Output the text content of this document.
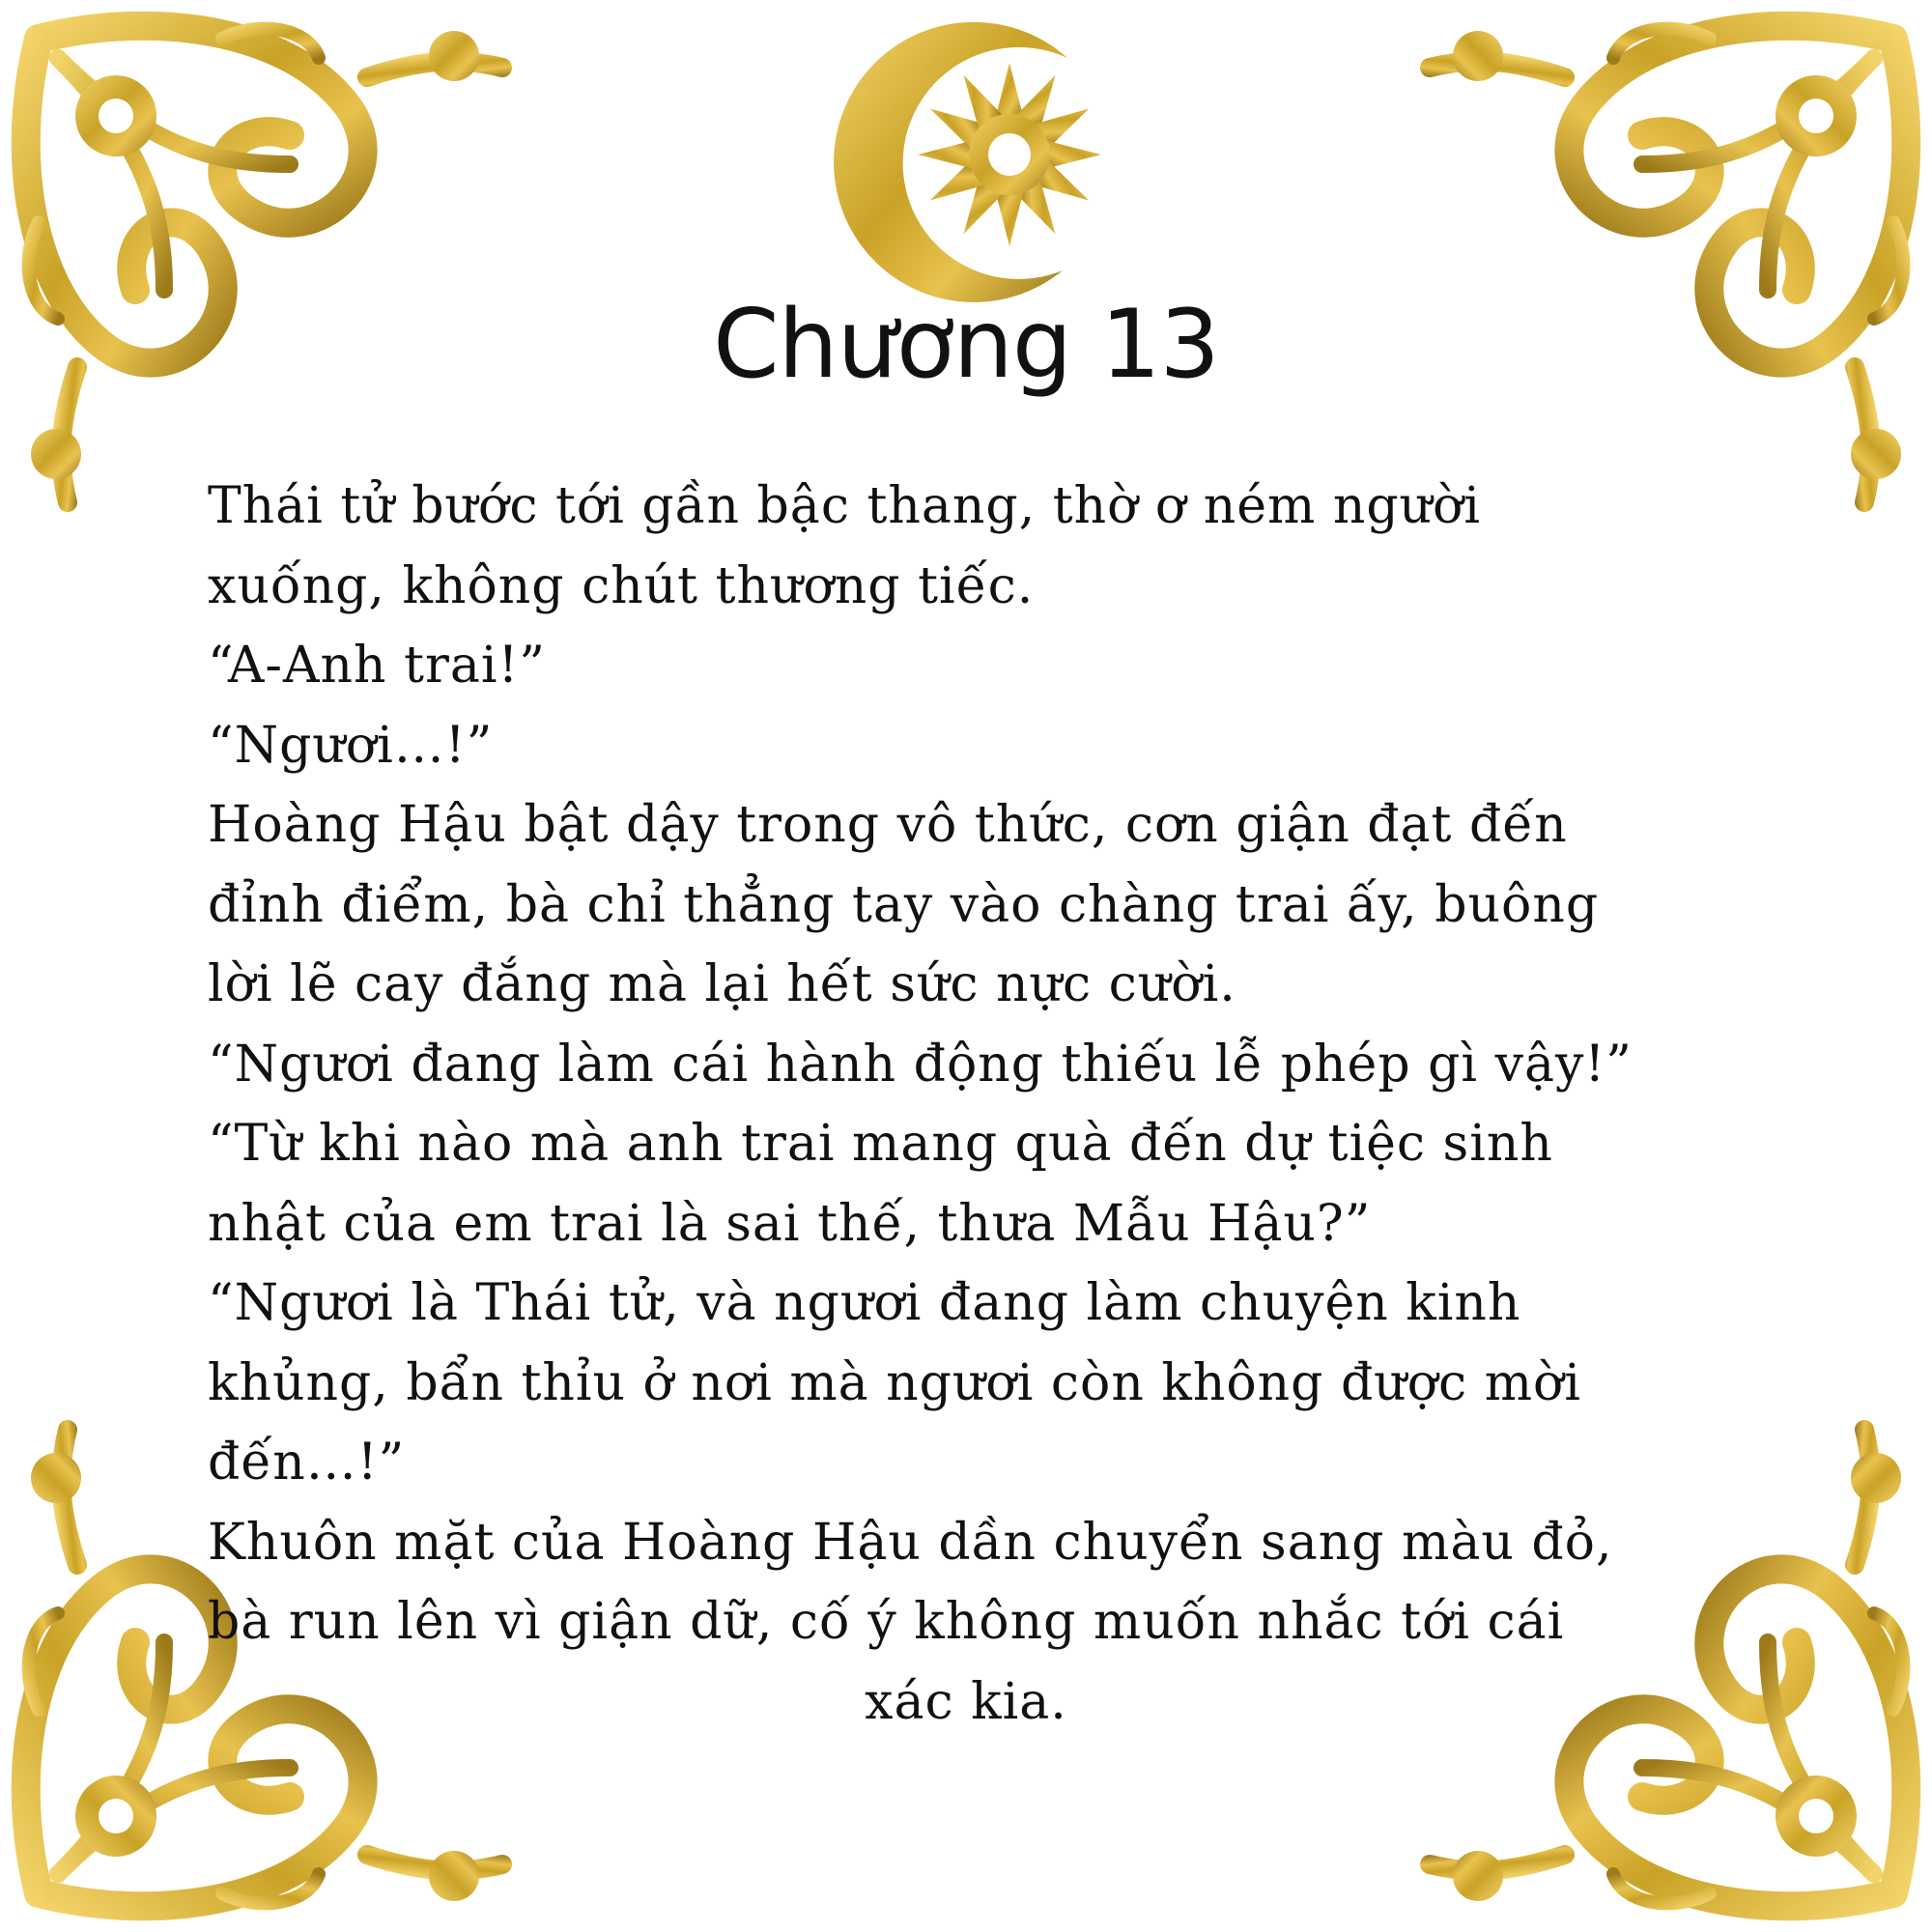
Chương 13
Thái tử bước tới gần bậc thang, thờ ơ ném người
xuống, không chút thương tiếc.
“A-Anh trai!”
“Ngươi…!”
Hoàng Hậu bật dậy trong vô thức, cơn giận đạt đến
đỉnh điểm, bà chỉ thẳng tay vào chàng trai ấy, buông
lời lẽ cay đắng mà lại hết sức nực cười.
“Ngươi đang làm cái hành động thiếu lễ phép gì vậy!”
“Từ khi nào mà anh trai mang quà đến dự tiệc sinh
nhật của em trai là sai thế, thưa Mẫu Hậu?”
“Ngươi là Thái tử, và ngươi đang làm chuyện kinh
khủng, bẩn thỉu ở nơi mà ngươi còn không được mời
đến…!”
Khuôn mặt của Hoàng Hậu dần chuyển sang màu đỏ,
bà run lên vì giận dữ, cố ý không muốn nhắc tới cái
xác kia.
